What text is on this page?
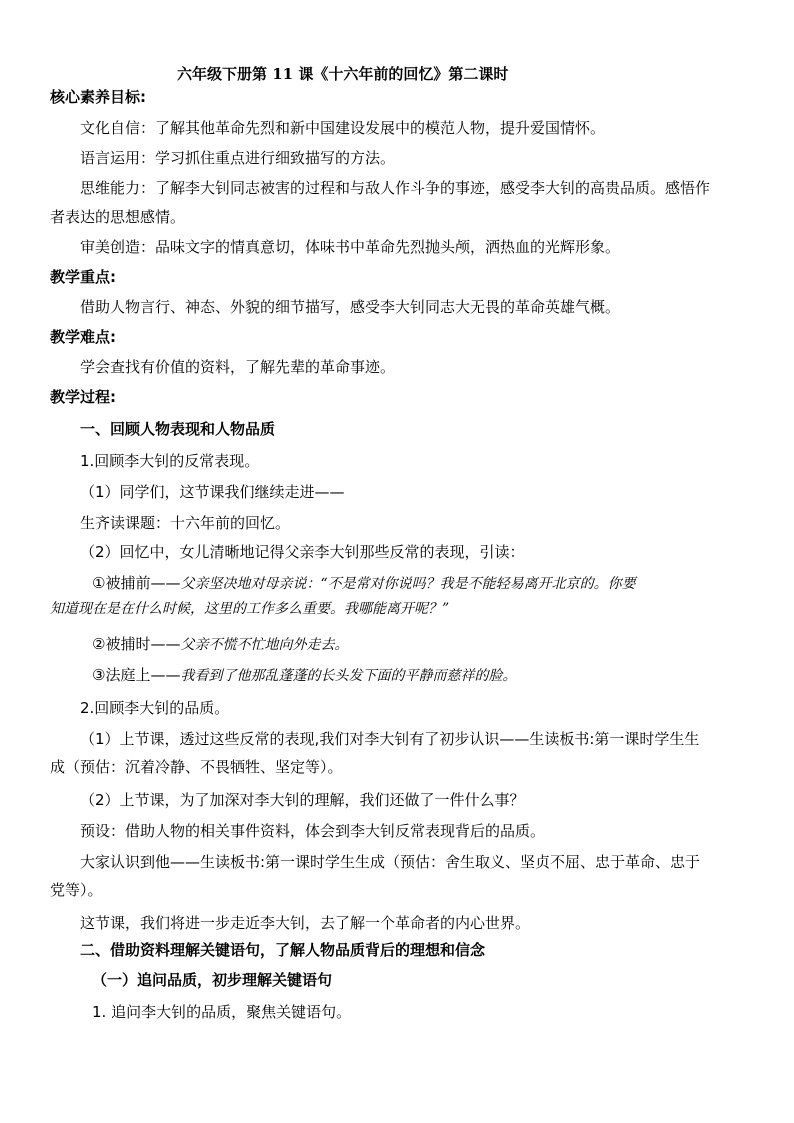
六年级下册第 11 课《十六年前的回忆》第二课时
核心素养目标:
文化自信：了解其他革命先烈和新中国建设发展中的模范人物，提升爱国情怀。
语言运用：学习抓住重点进行细致描写的方法。
思维能力：了解李大钊同志被害的过程和与敌人作斗争的事迹，感受李大钊的高贵品质。感悟作
者表达的思想感情。
审美创造：品味文字的情真意切，体味书中革命先烈抛头颅，洒热血的光辉形象。
教学重点:
借助人物言行、神态、外貌的细节描写，感受李大钊同志大无畏的革命英雄气概。
教学难点:
学会查找有价值的资料，了解先辈的革命事迹。
教学过程:
一、回顾人物表现和人物品质
1.回顾李大钊的反常表现。
（1）同学们，这节课我们继续走进——
生齐读课题：十六年前的回忆。
（2）回忆中，女儿清晰地记得父亲李大钊那些反常的表现，引读：
①被捕前——父亲坚决地对母亲说：“不是常对你说吗？我是不能轻易离开北京的。你要
知道现在是在什么时候，这里的工作多么重要。我哪能离开呢？”
②被捕时——父亲不慌不忙地向外走去。
③法庭上——我看到了他那乱蓬蓬的长头发下面的平静而慈祥的脸。
2.回顾李大钊的品质。
（1）上节课，透过这些反常的表现,我们对李大钊有了初步认识——生读板书:第一课时学生生
成（预估：沉着冷静、不畏牺牲、坚定等）。
（2）上节课，为了加深对李大钊的理解，我们还做了一件什么事？
预设：借助人物的相关事件资料，体会到李大钊反常表现背后的品质。
大家认识到他——生读板书:第一课时学生生成（预估：舍生取义、坚贞不屈、忠于革命、忠于
党等）。
这节课，我们将进一步走近李大钊，去了解一个革命者的内心世界。
二、借助资料理解关键语句，了解人物品质背后的理想和信念
（一）追问品质，初步理解关键语句
1. 追问李大钊的品质，聚焦关键语句。
